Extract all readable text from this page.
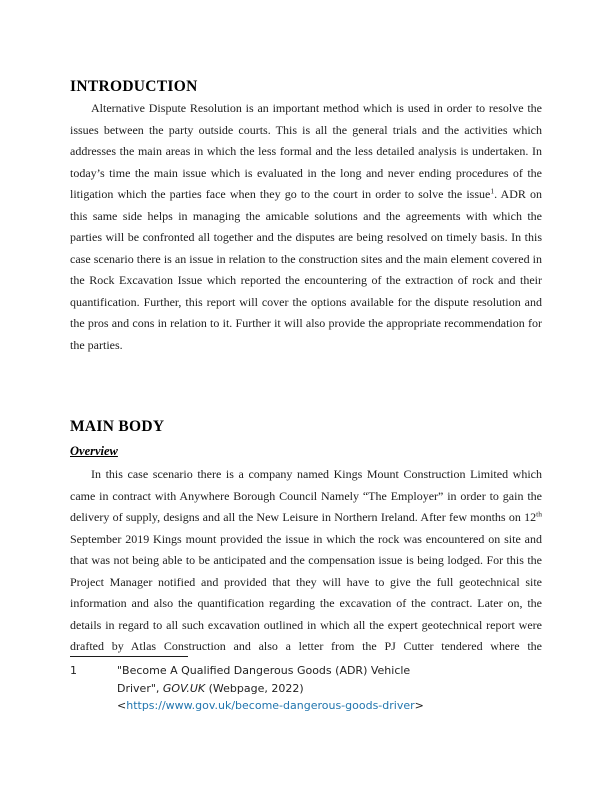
INTRODUCTION

Alternative Dispute Resolution is an important method which is used in order to resolve the issues between the party outside courts. This is all the general trials and the activities which addresses the main areas in which the less formal and the less detailed analysis is undertaken. In today’s time the main issue which is evaluated in the long and never ending procedures of the litigation which the parties face when they go to the court in order to solve the issue$^1$. ADR on this same side helps in managing the amicable solutions and the agreements with which the parties will be confronted all together and the disputes are being resolved on timely basis. In this case scenario there is an issue in relation to the construction sites and the main element covered in the Rock Excavation Issue which reported the encountering of the extraction of rock and their quantification. Further, this report will cover the options available for the dispute resolution and the pros and cons in relation to it. Further it will also provide the appropriate recommendation for the parties.

MAIN BODY
Overview

In this case scenario there is a company named Kings Mount Construction Limited which came in contract with Anywhere Borough Council Namely “The Employer” in order to gain the delivery of supply, designs and all the New Leisure in Northern Ireland. After few months on 12th September 2019 Kings mount provided the issue in which the rock was encountered on site and that was not being able to be anticipated and the compensation issue is being lodged. For this the Project Manager notified and provided that they will have to give the full geotechnical site information and also the quantification regarding the excavation of the contract. Later on, the details in regard to all such excavation outlined in which all the expert geotechnical report were drafted by Atlas Construction and also a letter from the PJ Cutter tendered where the

1	"Become A Qualified Dangerous Goods (ADR) Vehicle Driver", GOV.UK (Webpage, 2022) <https://www.gov.uk/become-dangerous-goods-driver>
